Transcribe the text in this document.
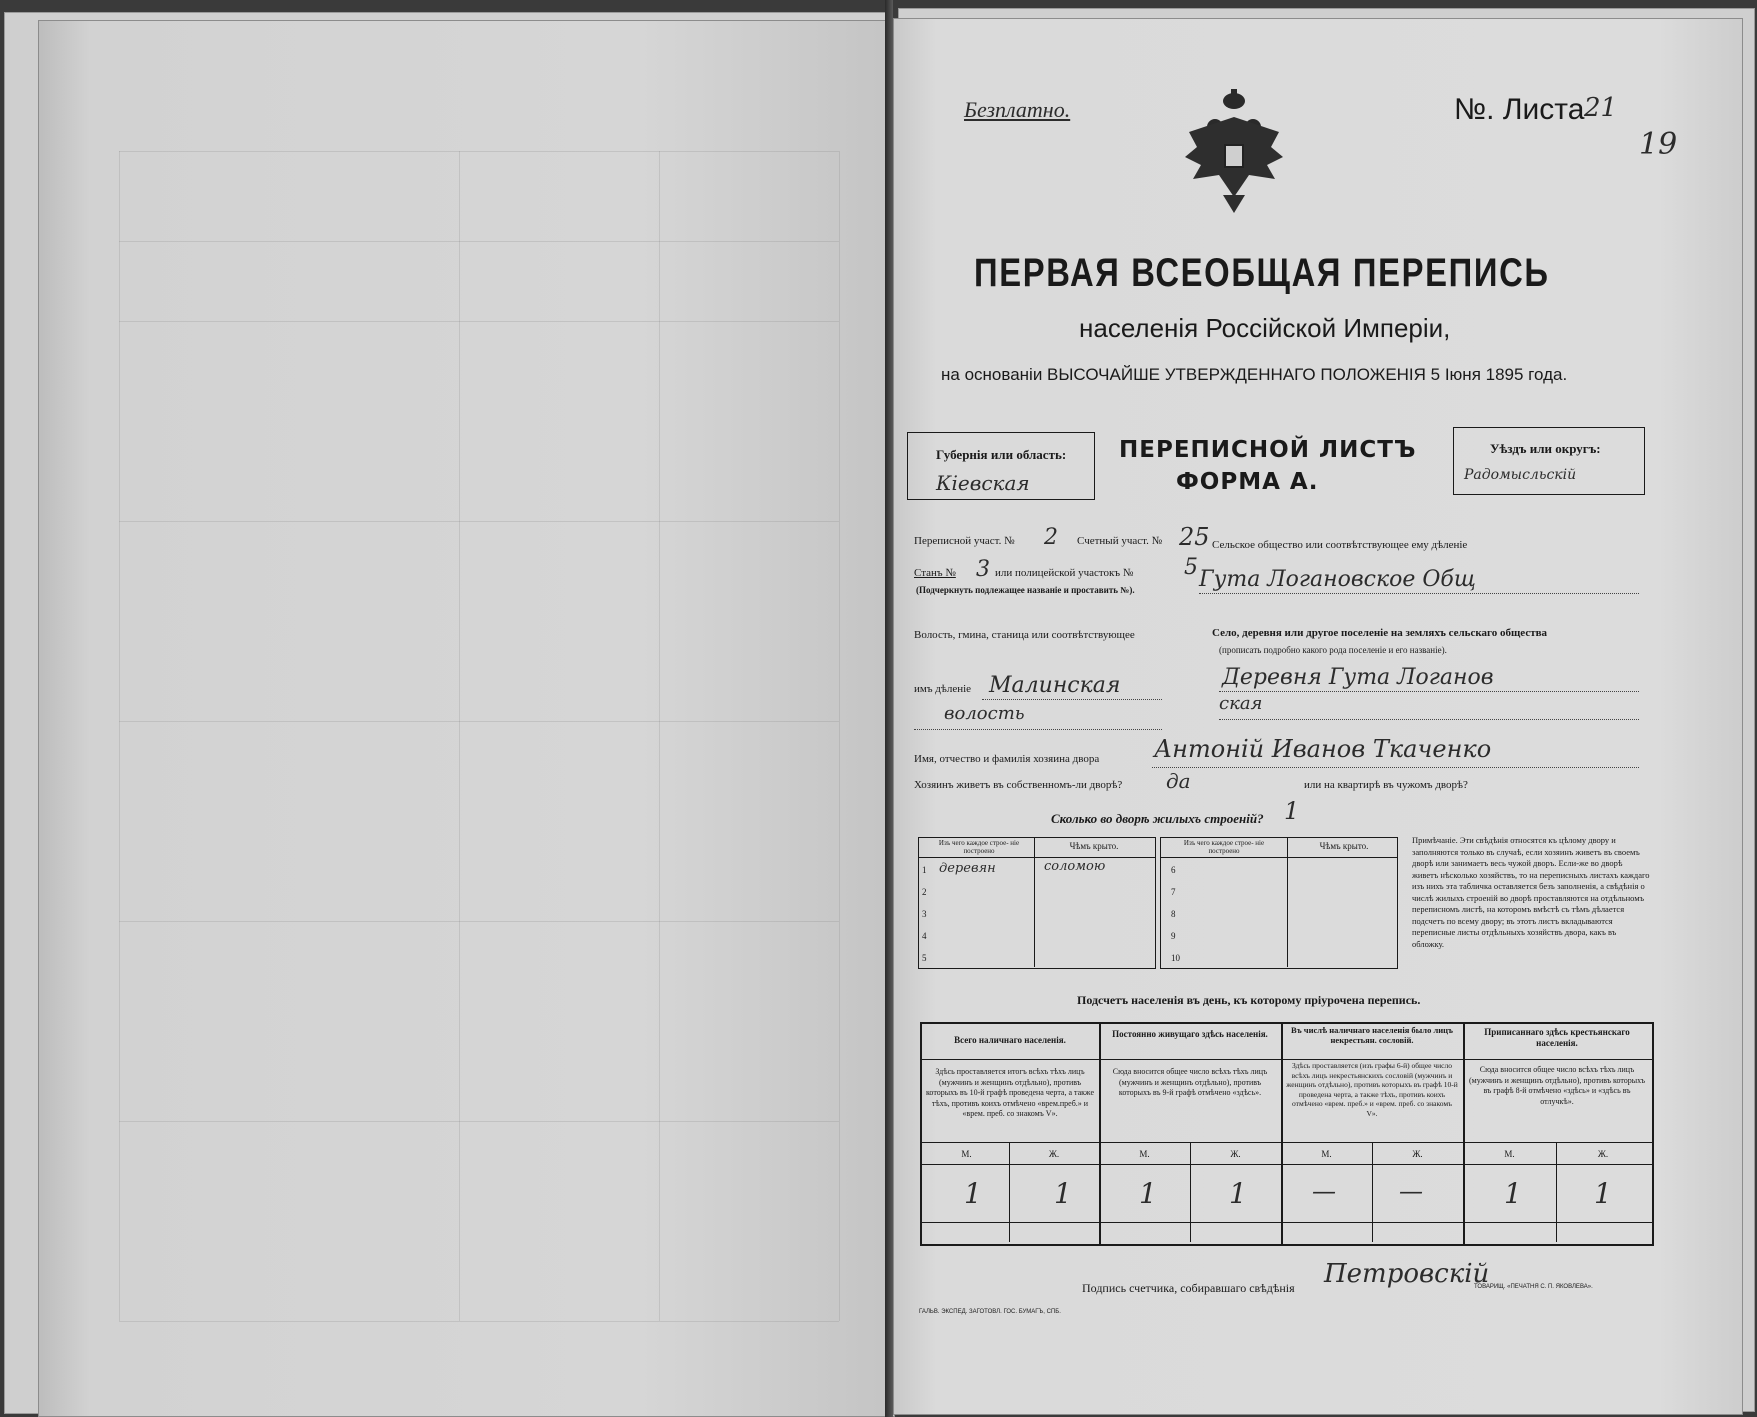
Безплатно.	№. Листа 21
19
ПЕРВАЯ ВСЕОБЩАЯ ПЕРЕПИСЬ
населенія Россійской Имперіи,
на основаніи ВЫСОЧАЙШЕ УТВЕРЖДЕННАГО ПОЛОЖЕНІЯ 5 Іюня 1895 года.
Губернія или область:
Кіевская
ПЕРЕПИСНОЙ ЛИСТЪ
ФОРМА А.
Уѣздъ или округъ:
Радомысльскій
Переписной участ. № 2 Счетный участ. № 25
Станъ № 3 или полицейской участокъ № 5
(Подчеркнуть подлежащее названіе и проставить №).
Волость, гмина, станица или соотвѣтствующее
имъ дѣленіе Малинская
волость
Сельское общество или соотвѣтствующее ему дѣленіе
Гута Логановское Общ
Село, деревня или другое поселеніе на земляхъ сельскаго общества
(прописать подробно какого рода поселеніе и его названіе).
Деревня Гута Логанов
ская
Имя, отчество и фамилія хозяина двора Антоній Иванов Ткаченко
Хозяинъ живетъ въ собственномъ-ли дворѣ? да	или на квартирѣ въ чужомъ дворѣ?
Сколько во дворѣ жилыхъ строеній? 1
Изъ чего каждое строе- ніе построено	Чѣмъ крыто.	Изъ чего каждое строе- ніе построено	Чѣмъ крыто.
1 деревян	соломою
2
3
4
5
6
7
8
9
10
Примѣчаніе. Эти свѣдѣнія относятся къ цѣлому двору и заполняются только въ случаѣ, если хозяинъ живетъ въ своемъ дворѣ или занимаетъ весь чужой дворъ. Если-же во дворѣ живетъ нѣсколько хозяйствъ, то на переписныхъ листахъ каждаго изъ нихъ эта табличка оставляется безъ заполненія, а свѣдѣнія о числѣ жилыхъ строеній во дворѣ проставляются на отдѣльномъ переписномъ листѣ, на которомъ вмѣстѣ съ тѣмъ дѣлается подсчетъ по всему двору; въ этотъ листъ вкладываются переписные листы отдѣльныхъ хозяйствъ двора, какъ въ обложку.
Подсчетъ населенія въ день, къ которому пріурочена перепись.
Всего наличнаго населенія.
Здѣсь проставляется итогъ всѣхъ тѣхъ лицъ (мужчинъ и женщинъ отдѣльно), противъ которыхъ въ 10-й графѣ проведена черта, а также тѣхъ, противъ коихъ отмѣчено «врем.преб.» и «врем. преб. со знакомъ V».
М.	Ж.
1	1
Постоянно живущаго здѣсь населенія.
Сюда вносится общее число всѣхъ тѣхъ лицъ (мужчинъ и женщинъ отдѣльно), противъ которыхъ въ 9-й графѣ отмѣчено «здѣсь».
М.	Ж.
1	1
Въ числѣ наличнаго населенія было лицъ некрестьян. сословій.
Здѣсь проставляется (изъ графы 6-й) общее число всѣхъ лицъ некрестьянскихъ сословій (мужчинъ и женщинъ отдѣльно), противъ которыхъ въ графѣ 10-й проведена черта, а также тѣхъ, противъ коихъ отмѣчено «врем. преб.» и «врем. преб. со знакомъ V».
М.	Ж.
—	—
Приписаннаго здѣсь крестьянскаго населенія.
Сюда вносится общее число всѣхъ тѣхъ лицъ (мужчинъ и женщинъ отдѣльно), противъ которыхъ въ графѣ 8-й отмѣчено «здѣсь» и «здѣсь въ отлучкѣ».
М.	Ж.
1	1
Подпись счетчика, собиравшаго свѣдѣнія Петровскій
ГАЛЬВ. ЭКСПЕД. ЗАГОТОВЛ. ГОС. БУМАГЪ, СПБ.
ТОВАРИЩ. «ПЕЧАТНЯ С. П. ЯКОВЛЕВА».
